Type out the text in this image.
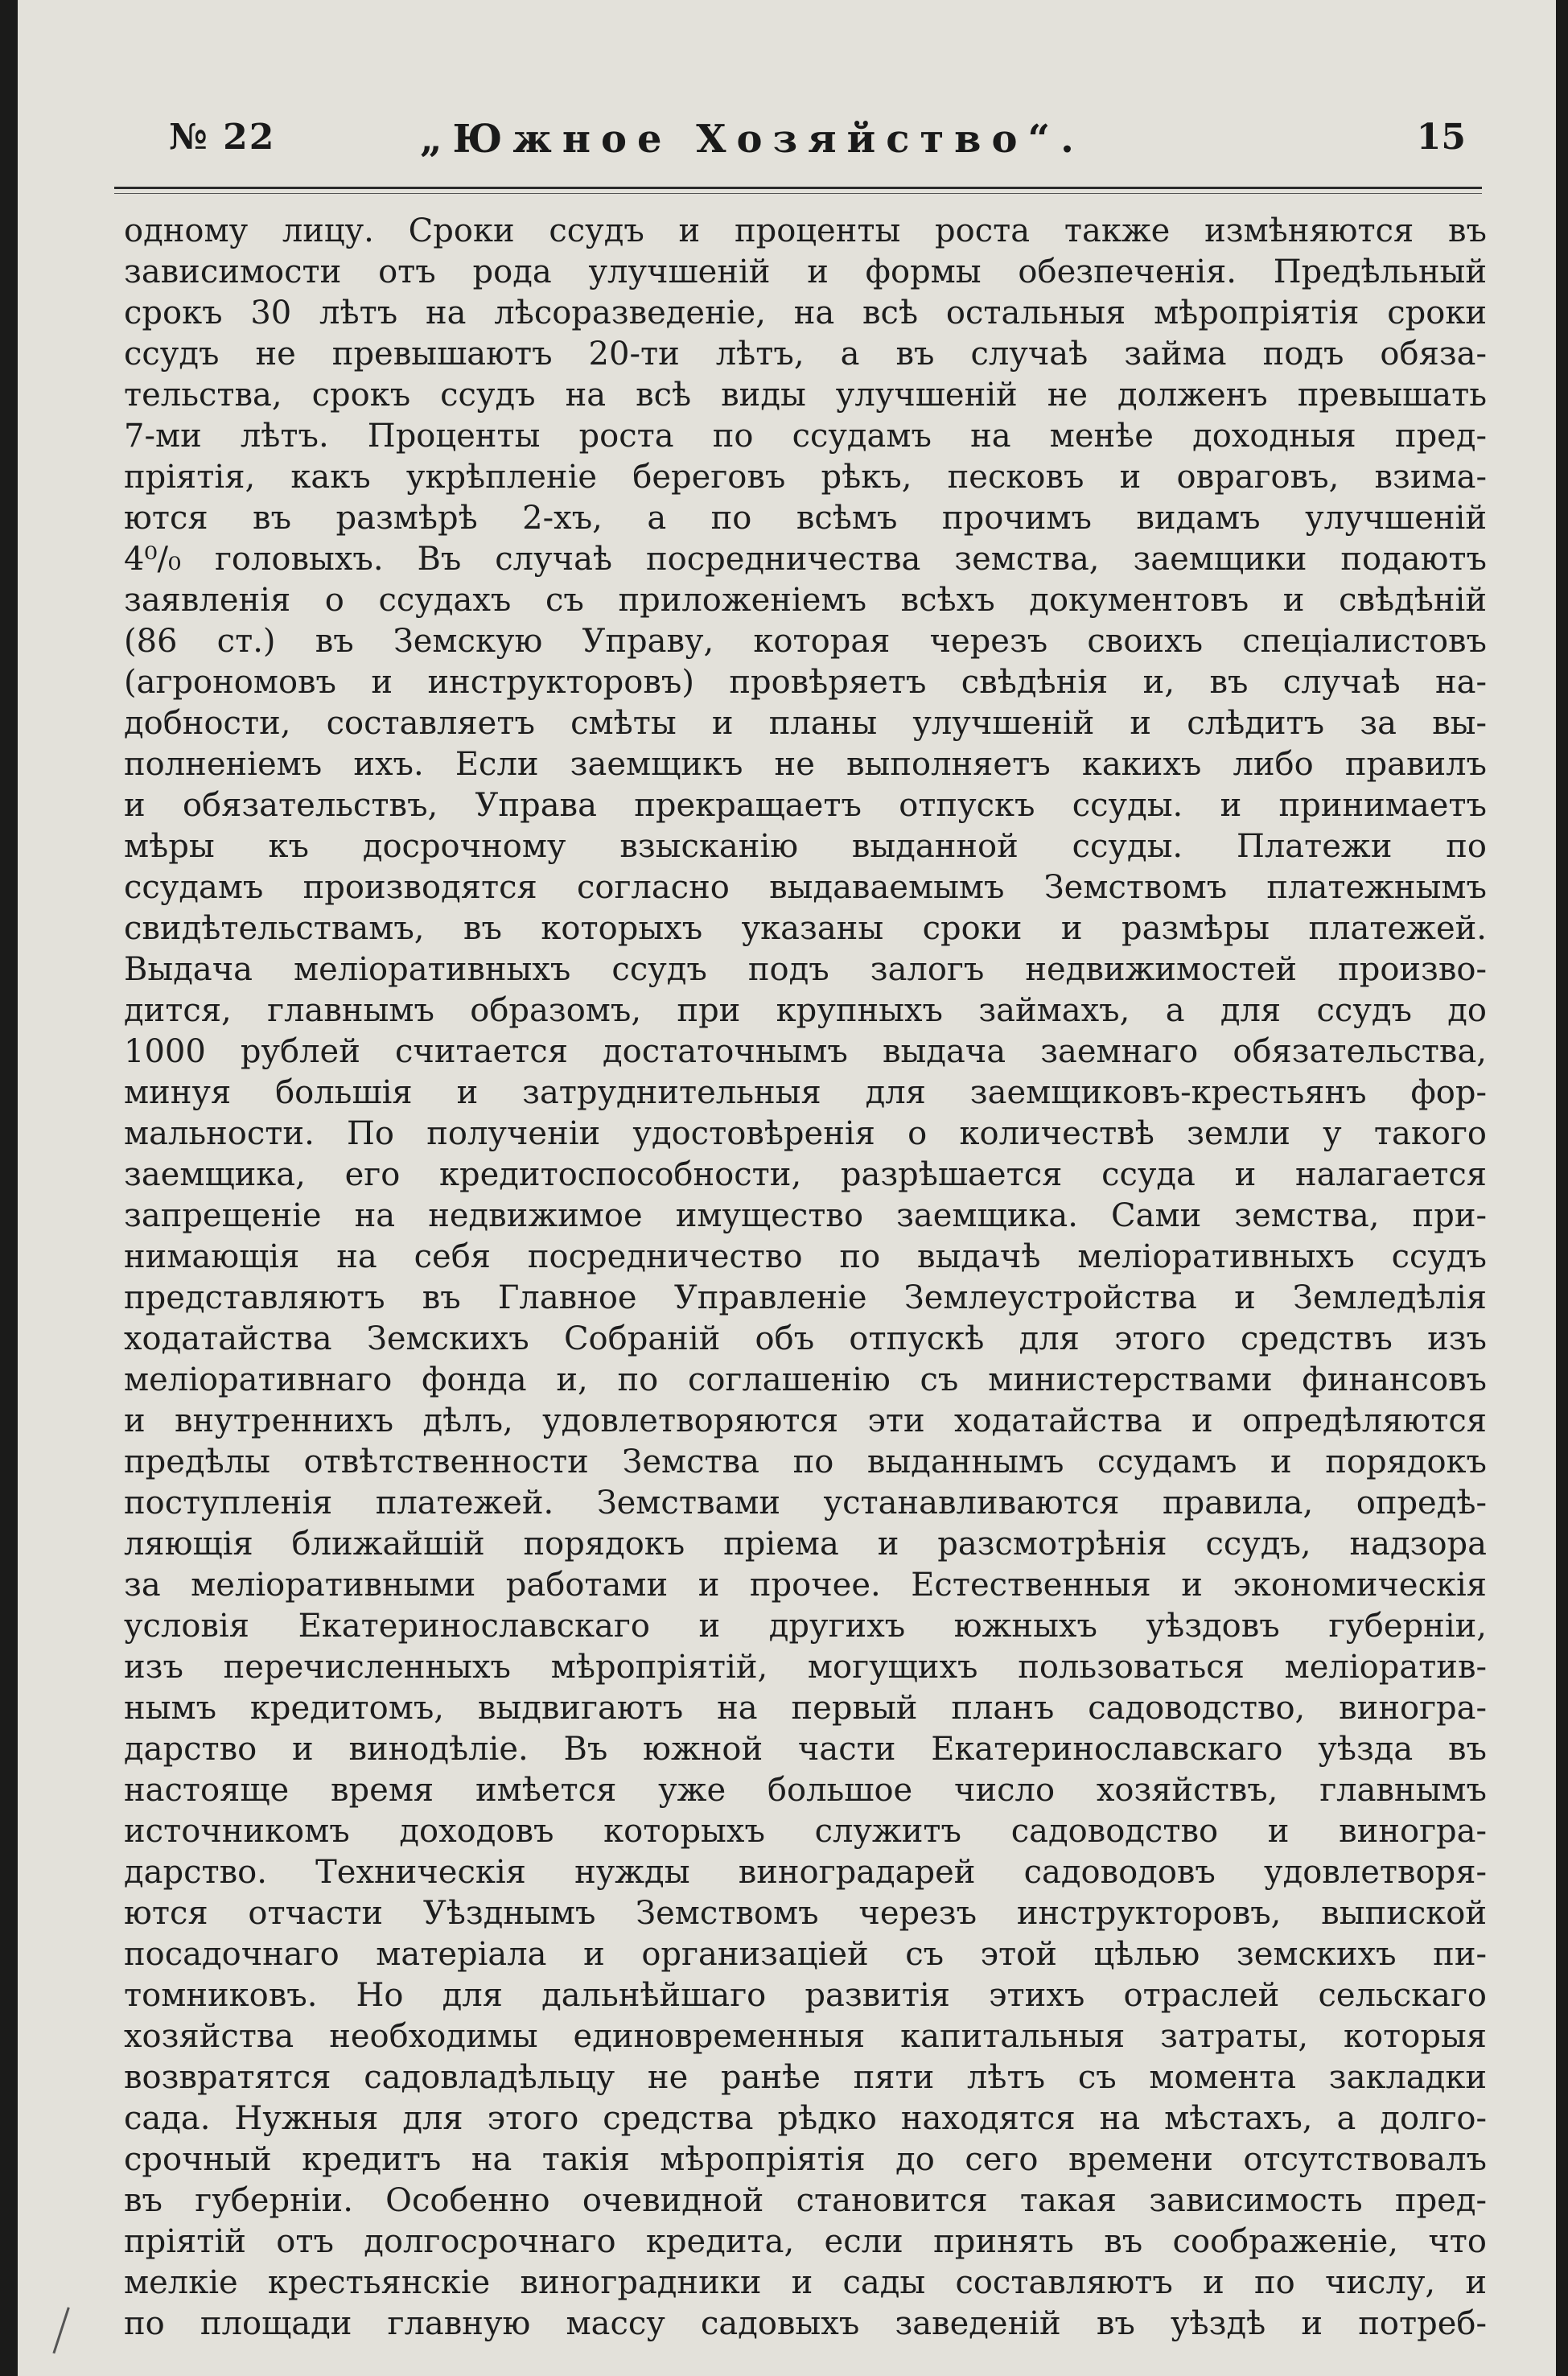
№ 22	„Южное Хозяйство“.	15
одному лицу. Сроки ссудъ и проценты роста также измѣняются въ
зависимости отъ рода улучшеній и формы обезпеченія. Предѣльный
срокъ 30 лѣтъ на лѣсоразведеніе, на всѣ остальныя мѣропріятія сроки
ссудъ не превышаютъ 20-ти лѣтъ, а въ случаѣ займа подъ обяза-
тельства, срокъ ссудъ на всѣ виды улучшеній не долженъ превышать
7-ми лѣтъ. Проценты роста по ссудамъ на менѣе доходныя пред-
пріятія, какъ укрѣпленіе береговъ рѣкъ, песковъ и овраговъ, взима-
ются въ размѣрѣ 2-хъ, а по всѣмъ прочимъ видамъ улучшеній
4⁰/₀ головыхъ. Въ случаѣ посредничества земства, заемщики подаютъ
заявленія о ссудахъ съ приложеніемъ всѣхъ документовъ и свѣдѣній
(86 ст.) въ Земскую Управу, которая черезъ своихъ спеціалистовъ
(агрономовъ и инструкторовъ) провѣряетъ свѣдѣнія и, въ случаѣ на-
добности, составляетъ смѣты и планы улучшеній и слѣдитъ за вы-
полненіемъ ихъ. Если заемщикъ не выполняетъ какихъ либо правилъ
и обязательствъ, Управа прекращаетъ отпускъ ссуды. и принимаетъ
мѣры къ досрочному взысканію выданной ссуды. Платежи по
ссудамъ производятся согласно выдаваемымъ Земствомъ платежнымъ
свидѣтельствамъ, въ которыхъ указаны сроки и размѣры платежей.
Выдача меліоративныхъ ссудъ подъ залогъ недвижимостей произво-
дится, главнымъ образомъ, при крупныхъ займахъ, а для ссудъ до
1000 рублей считается достаточнымъ выдача заемнаго обязательства,
минуя большія и затруднительныя для заемщиковъ-крестьянъ фор-
мальности. По полученіи удостовѣренія о количествѣ земли у такого
заемщика, его кредитоспособности, разрѣшается ссуда и налагается
запрещеніе на недвижимое имущество заемщика. Сами земства, при-
нимающія на себя посредничество по выдачѣ меліоративныхъ ссудъ
представляютъ въ Главное Управленіе Землеустройства и Земледѣлія
ходатайства Земскихъ Собраній объ отпускѣ для этого средствъ изъ
меліоративнаго фонда и, по соглашенію съ министерствами финансовъ
и внутреннихъ дѣлъ, удовлетворяются эти ходатайства и опредѣляются
предѣлы отвѣтственности Земства по выданнымъ ссудамъ и порядокъ
поступленія платежей. Земствами устанавливаются правила, опредѣ-
ляющія ближайшій порядокъ пріема и разсмотрѣнія ссудъ, надзора
за меліоративными работами и прочее. Естественныя и экономическія
условія Екатеринославскаго и другихъ южныхъ уѣздовъ губерніи,
изъ перечисленныхъ мѣропріятій, могущихъ пользоваться меліоратив-
нымъ кредитомъ, выдвигаютъ на первый планъ садоводство, виногра-
дарство и винодѣліе. Въ южной части Екатеринославскаго уѣзда въ
настояще время имѣется уже большое число хозяйствъ, главнымъ
источникомъ доходовъ которыхъ служитъ садоводство и виногра-
дарство. Техническія нужды виноградарей садоводовъ удовлетворя-
ются отчасти Уѣзднымъ Земствомъ черезъ инструкторовъ, выпиской
посадочнаго матеріала и организаціей съ этой цѣлью земскихъ пи-
томниковъ. Но для дальнѣйшаго развитія этихъ отраслей сельскаго
хозяйства необходимы единовременныя капитальныя затраты, которыя
возвратятся садовладѣльцу не ранѣе пяти лѣтъ съ момента закладки
сада. Нужныя для этого средства рѣдко находятся на мѣстахъ, а долго-
срочный кредитъ на такія мѣропріятія до сего времени отсутствовалъ
въ губерніи. Особенно очевидной становится такая зависимость пред-
пріятій отъ долгосрочнаго кредита, если принять въ соображеніе, что
мелкіе крестьянскіе виноградники и сады составляютъ и по числу, и
по площади главную массу садовыхъ заведеній въ уѣздѣ и потреб-
